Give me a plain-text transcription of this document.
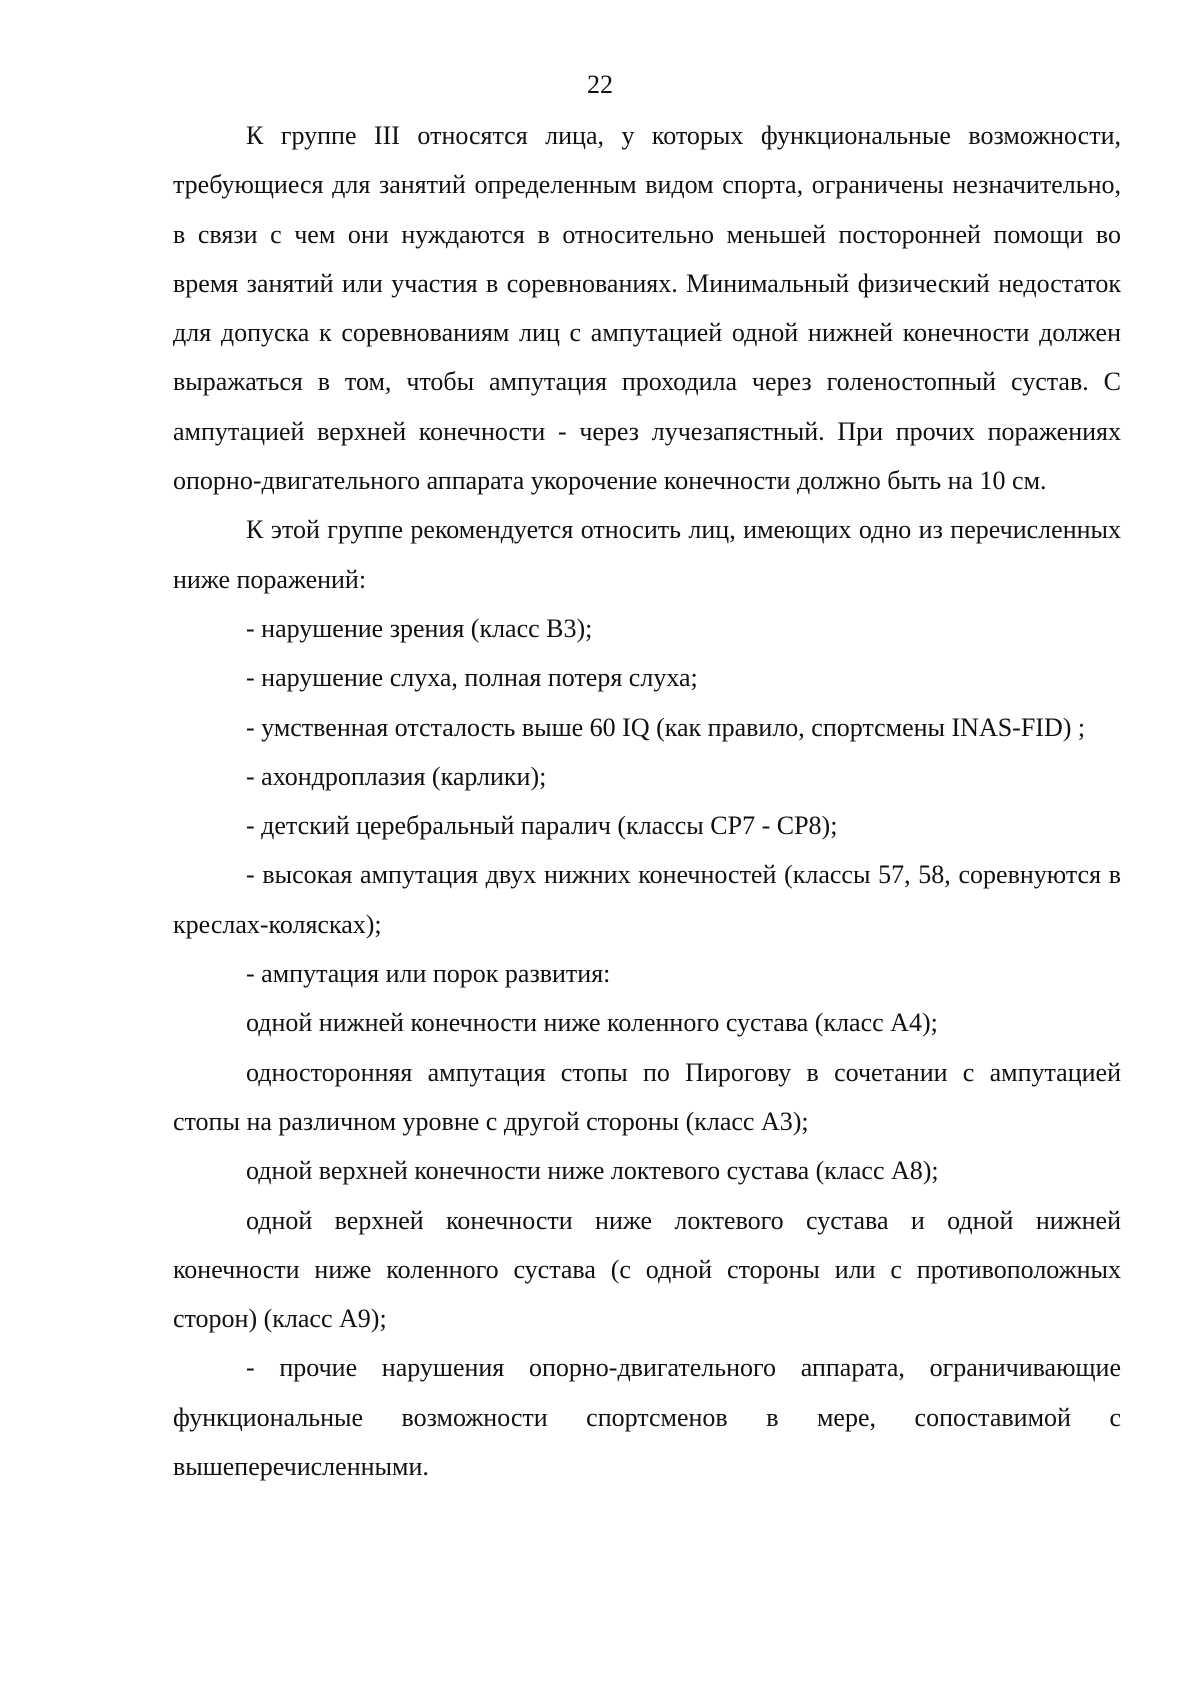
22

К группе III относятся лица, у которых функциональные возможности, требующиеся для занятий определенным видом спорта, ограничены незначительно, в связи с чем они нуждаются в относительно меньшей посторонней помощи во время занятий или участия в соревнованиях. Минимальный физический недостаток для допуска к соревнованиям лиц с ампутацией одной нижней конечности должен выражаться в том, чтобы ампутация проходила через голеностопный сустав. С ампутацией верхней конечности - через лучезапястный. При прочих поражениях опорно-двигательного аппарата укорочение конечности должно быть на 10 см.

К этой группе рекомендуется относить лиц, имеющих одно из перечисленных ниже поражений:

- нарушение зрения (класс В3);

- нарушение слуха, полная потеря слуха;

- умственная отсталость выше 60 IQ (как правило, спортсмены INAS-FID) ;

- ахондроплазия (карлики);

- детский церебральный паралич (классы СР7 - СР8);

- высокая ампутация двух нижних конечностей (классы 57, 58, соревнуются в креслах-колясках);

- ампутация или порок развития:

одной нижней конечности ниже коленного сустава (класс А4);

односторонняя ампутация стопы по Пирогову в сочетании с ампутацией стопы на различном уровне с другой стороны (класс А3);

одной верхней конечности ниже локтевого сустава (класс А8);

одной верхней конечности ниже локтевого сустава и одной нижней конечности ниже коленного сустава (с одной стороны или с противоположных сторон) (класс А9);

- прочие нарушения опорно-двигательного аппарата, ограничивающие функциональные возможности спортсменов в мере, сопоставимой с вышеперечисленными.
